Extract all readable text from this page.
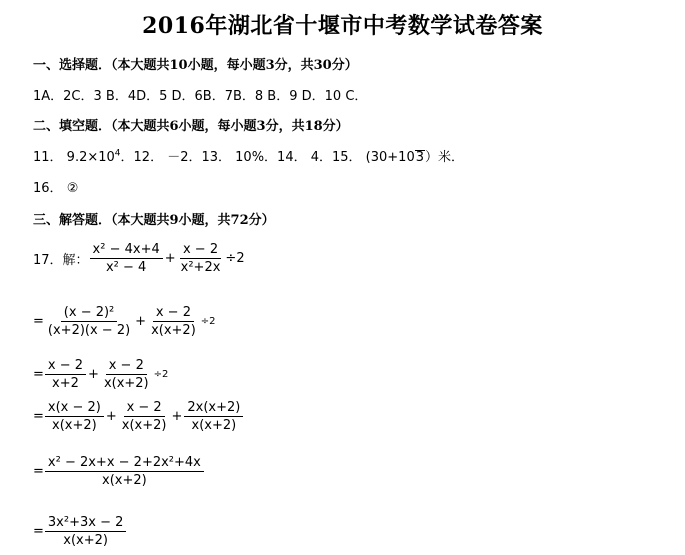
2016年湖北省十堰市中考数学试卷答案
一、选择题．（本大题共10小题，每小题3分，共30分）
1A．2C．3 B．4D．5 D．6B．7B．8 B．9 D．10 C．
二、填空题．（本大题共6小题，每小题3分，共18分）
11． $9.2\times 10^4$．12． －2．13． 10%．14． 4．15． (30+103）米．
16． ②
三、解答题．（本大题共9小题，共72分）
17．解： $\frac{\text{x² − 4x+4}}{\text{x² − 4}} + \frac{x - 2}{\text{x²+2x}} \div 2$
= $\frac{\text{(x − 2)²}}{(x+2)(x - 2)} + \frac{x - 2}{x(x+2)} \div 2$
= $\frac{x - 2}{x+2} + \frac{x - 2}{x(x+2)} \div 2$
= $\frac{x(x - 2)}{x(x+2)} + \frac{x - 2}{x(x+2)} + \frac{2x(x+2)}{x(x+2)}$
= $\frac{\text{x² − 2x+x − 2+2x²+4x}}{x(x+2)}$
= $\frac{\text{3x²+3x − 2}}{x(x+2)}$
